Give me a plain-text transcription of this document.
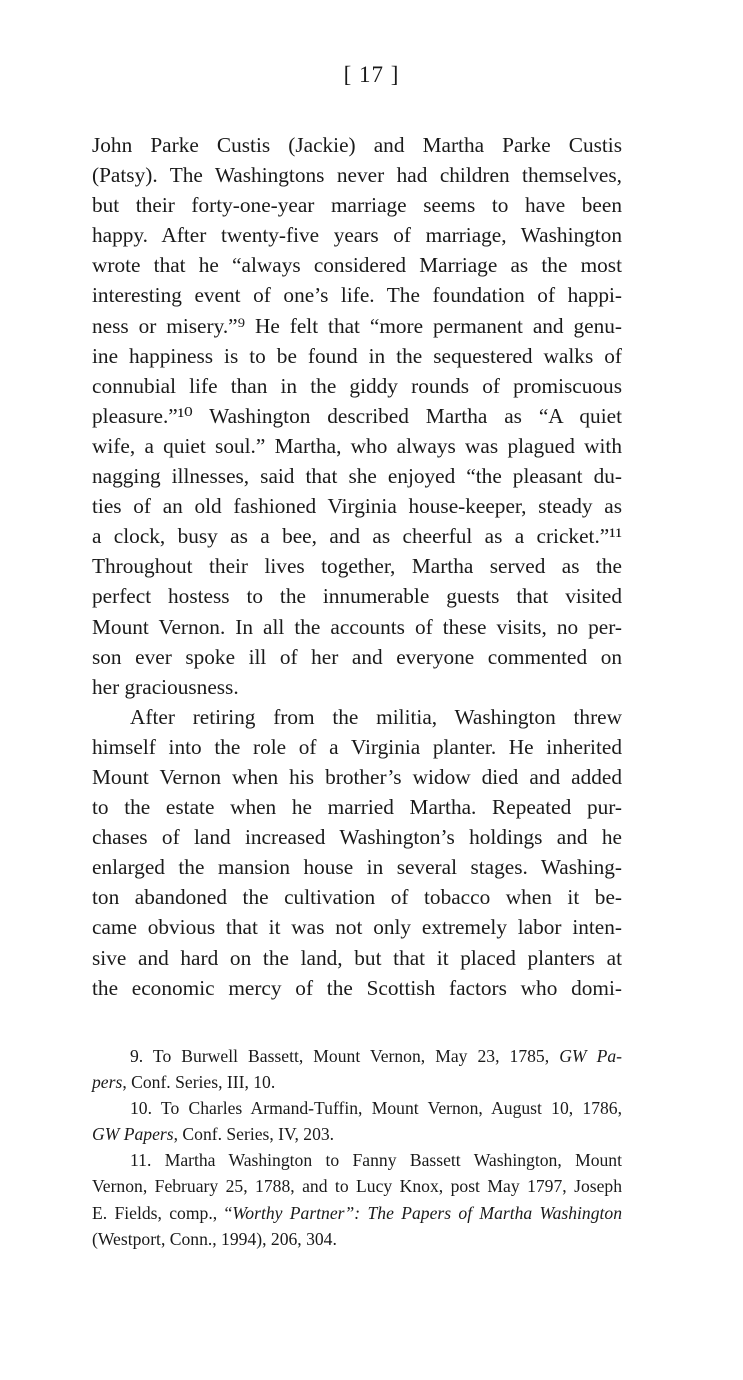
[ 17 ]
John Parke Custis (Jackie) and Martha Parke Custis
(Patsy). The Washingtons never had children themselves,
but their forty-one-year marriage seems to have been
happy. After twenty-five years of marriage, Washington
wrote that he “always considered Marriage as the most
interesting event of one’s life. The foundation of happi-
ness or misery.”⁹ He felt that “more permanent and genu-
ine happiness is to be found in the sequestered walks of
connubial life than in the giddy rounds of promiscuous
pleasure.”¹⁰ Washington described Martha as “A quiet
wife, a quiet soul.” Martha, who always was plagued with
nagging illnesses, said that she enjoyed “the pleasant du-
ties of an old fashioned Virginia house-keeper, steady as
a clock, busy as a bee, and as cheerful as a cricket.”¹¹
Throughout their lives together, Martha served as the
perfect hostess to the innumerable guests that visited
Mount Vernon. In all the accounts of these visits, no per-
son ever spoke ill of her and everyone commented on
her graciousness.
After retiring from the militia, Washington threw
himself into the role of a Virginia planter. He inherited
Mount Vernon when his brother’s widow died and added
to the estate when he married Martha. Repeated pur-
chases of land increased Washington’s holdings and he
enlarged the mansion house in several stages. Washing-
ton abandoned the cultivation of tobacco when it be-
came obvious that it was not only extremely labor inten-
sive and hard on the land, but that it placed planters at
the economic mercy of the Scottish factors who domi-
9. To Burwell Bassett, Mount Vernon, May 23, 1785, GW Pa-
pers, Conf. Series, III, 10.
10. To Charles Armand-Tuffin, Mount Vernon, August 10, 1786,
GW Papers, Conf. Series, IV, 203.
11. Martha Washington to Fanny Bassett Washington, Mount
Vernon, February 25, 1788, and to Lucy Knox, post May 1797, Joseph
E. Fields, comp., “Worthy Partner”: The Papers of Martha Washington
(Westport, Conn., 1994), 206, 304.
